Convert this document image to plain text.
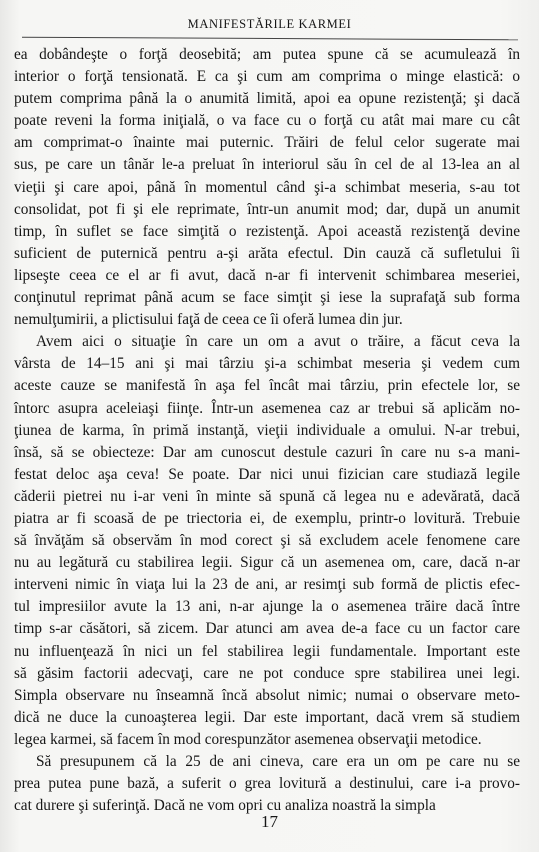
MANIFESTĂRILE KARMEI
ea dobândeşte o forţă deosebită; am putea spune că se acumulează în
interior o forţă tensionată. E ca şi cum am comprima o minge elastică: o
putem comprima până la o anumită limită, apoi ea opune rezistenţă; şi dacă
poate reveni la forma iniţială, o va face cu o forţă cu atât mai mare cu cât
am comprimat-o înainte mai puternic. Trăiri de felul celor sugerate mai
sus, pe care un tânăr le-a preluat în interiorul său în cel de al 13-lea an al
vieţii şi care apoi, până în momentul când şi-a schimbat meseria, s-au tot
consolidat, pot fi şi ele reprimate, într-un anumit mod; dar, după un anumit
timp, în suflet se face simţită o rezistenţă. Apoi această rezistenţă devine
suficient de puternică pentru a-şi arăta efectul. Din cauză că sufletului îi
lipseşte ceea ce el ar fi avut, dacă n-ar fi intervenit schimbarea meseriei,
conţinutul reprimat până acum se face simţit şi iese la suprafaţă sub forma
nemulţumirii, a plictisului faţă de ceea ce îi oferă lumea din jur.
Avem aici o situaţie în care un om a avut o trăire, a făcut ceva la
vârsta de 14–15 ani şi mai târziu şi-a schimbat meseria şi vedem cum
aceste cauze se manifestă în aşa fel încât mai târziu, prin efectele lor, se
întorc asupra aceleiaşi fiinţe. Într-un asemenea caz ar trebui să aplicăm no-
ţiunea de karma, în primă instanţă, vieţii individuale a omului. N-ar trebui,
însă, să se obiecteze: Dar am cunoscut destule cazuri în care nu s-a mani-
festat deloc aşa ceva! Se poate. Dar nici unui fizician care studiază legile
căderii pietrei nu i-ar veni în minte să spună că legea nu e adevărată, dacă
piatra ar fi scoasă de pe triectoria ei, de exemplu, printr-o lovitură. Trebuie
să învăţăm să observăm în mod corect şi să excludem acele fenomene care
nu au legătură cu stabilirea legii. Sigur că un asemenea om, care, dacă n-ar
interveni nimic în viaţa lui la 23 de ani, ar resimţi sub formă de plictis efec-
tul impresiilor avute la 13 ani, n-ar ajunge la o asemenea trăire dacă între
timp s-ar căsători, să zicem. Dar atunci am avea de-a face cu un factor care
nu influenţează în nici un fel stabilirea legii fundamentale. Important este
să găsim factorii adecvaţi, care ne pot conduce spre stabilirea unei legi.
Simpla observare nu înseamnă încă absolut nimic; numai o observare meto-
dică ne duce la cunoaşterea legii. Dar este important, dacă vrem să studiem
legea karmei, să facem în mod corespunzător asemenea observaţii metodice.
Să presupunem că la 25 de ani cineva, care era un om pe care nu se
prea putea pune bază, a suferit o grea lovitură a destinului, care i-a provo-
cat durere şi suferinţă. Dacă ne vom opri cu analiza noastră la simpla
17
